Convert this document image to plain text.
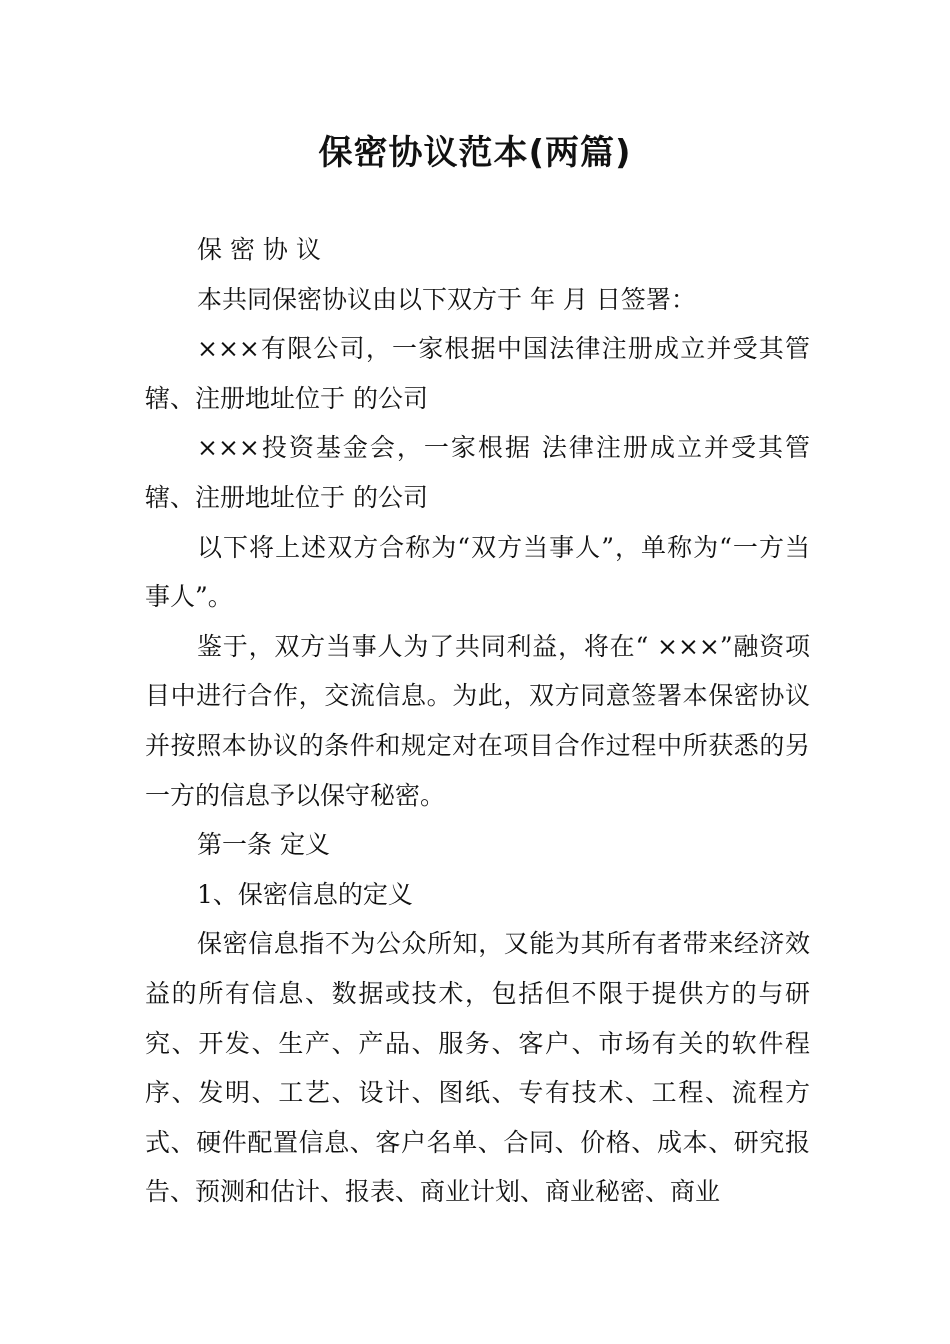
保密协议范本(两篇)

保 密 协 议

本共同保密协议由以下双方于 年 月 日签署：

×××有限公司，一家根据中国法律注册成立并受其管辖、注册地址位于 的公司

×××投资基金会，一家根据 法律注册成立并受其管辖、注册地址位于 的公司

以下将上述双方合称为“双方当事人”，单称为“一方当事人”。

鉴于，双方当事人为了共同利益，将在“ ×××”融资项目中进行合作，交流信息。为此，双方同意签署本保密协议并按照本协议的条件和规定对在项目合作过程中所获悉的另一方的信息予以保守秘密。

第一条 定义

1、保密信息的定义

保密信息指不为公众所知，又能为其所有者带来经济效益的所有信息、数据或技术，包括但不限于提供方的与研究、开发、生产、产品、服务、客户、市场有关的软件程序、发明、工艺、设计、图纸、专有技术、工程、流程方式、硬件配置信息、客户名单、合同、价格、成本、研究报告、预测和估计、报表、商业计划、商业秘密、商业
